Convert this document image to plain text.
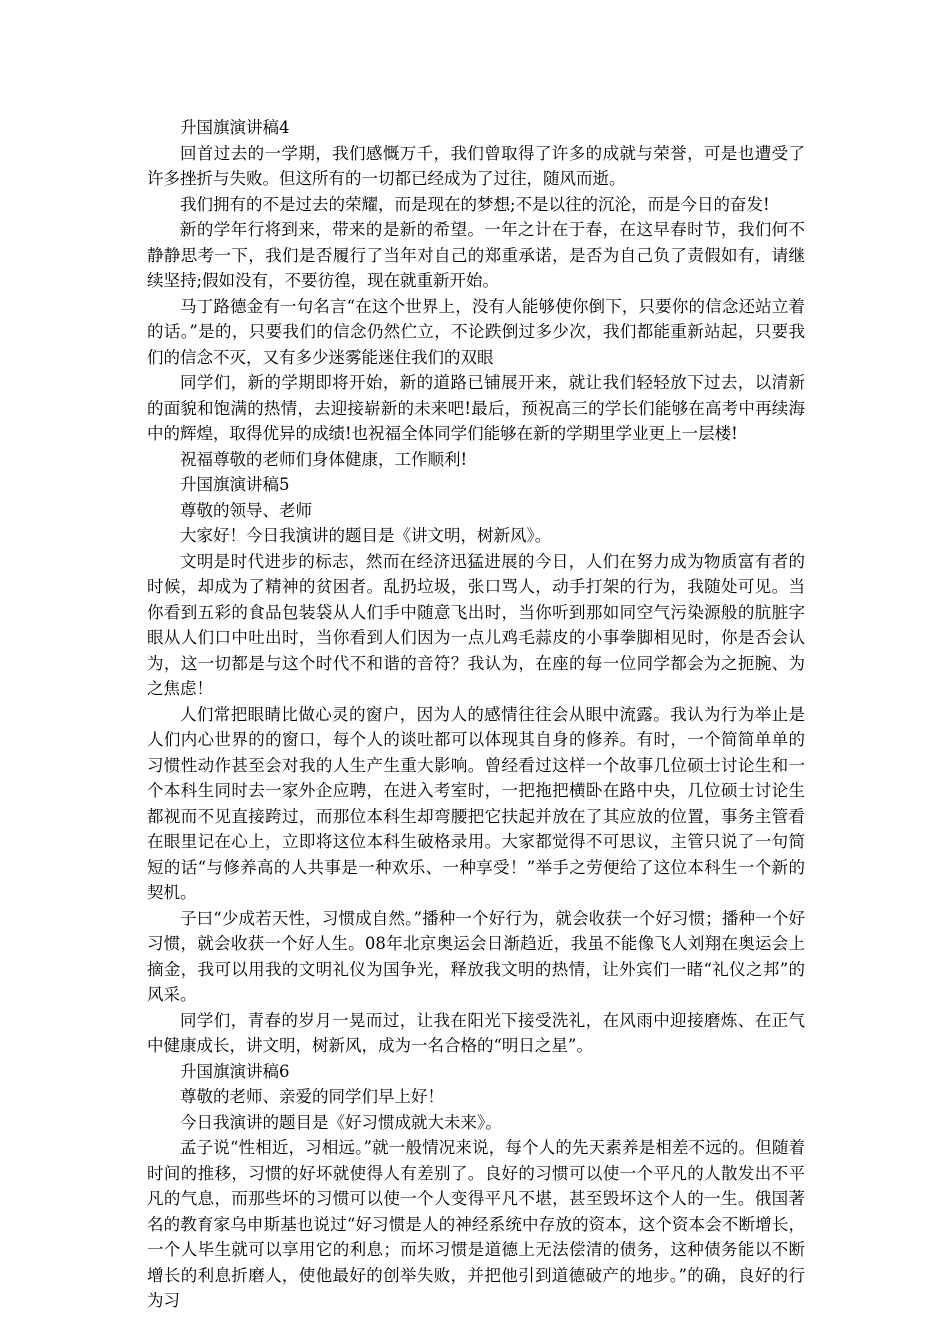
升国旗演讲稿4

回首过去的一学期，我们感慨万千，我们曾取得了许多的成就与荣誉，可是也遭受了许多挫折与失败。但这所有的一切都已经成为了过往，随风而逝。

我们拥有的不是过去的荣耀，而是现在的梦想;不是以往的沉沦，而是今日的奋发!

新的学年行将到来，带来的是新的希望。一年之计在于春，在这早春时节，我们何不静静思考一下，我们是否履行了当年对自己的郑重承诺，是否为自己负了责假如有，请继续坚持;假如没有，不要彷徨，现在就重新开始。

马丁路德金有一句名言“在这个世界上，没有人能够使你倒下，只要你的信念还站立着的话。”是的，只要我们的信念仍然伫立，不论跌倒过多少次，我们都能重新站起，只要我们的信念不灭，又有多少迷雾能迷住我们的双眼

同学们，新的学期即将开始，新的道路已铺展开来，就让我们轻轻放下过去，以清新的面貌和饱满的热情，去迎接崭新的未来吧!最后，预祝高三的学长们能够在高考中再续海中的辉煌，取得优异的成绩!也祝福全体同学们能够在新的学期里学业更上一层楼!

祝福尊敬的老师们身体健康，工作顺利!

升国旗演讲稿5

尊敬的领导、老师

大家好！今日我演讲的题目是《讲文明，树新风》。

文明是时代进步的标志，然而在经济迅猛进展的今日，人们在努力成为物质富有者的时候，却成为了精神的贫困者。乱扔垃圾，张口骂人，动手打架的行为，我随处可见。当你看到五彩的食品包装袋从人们手中随意飞出时，当你听到那如同空气污染源般的肮脏字眼从人们口中吐出时，当你看到人们因为一点儿鸡毛蒜皮的小事拳脚相见时，你是否会认为，这一切都是与这个时代不和谐的音符？我认为，在座的每一位同学都会为之扼腕、为之焦虑！

人们常把眼睛比做心灵的窗户，因为人的感情往往会从眼中流露。我认为行为举止是人们内心世界的的窗口，每个人的谈吐都可以体现其自身的修养。有时，一个简简单单的习惯性动作甚至会对我的人生产生重大影响。曾经看过这样一个故事几位硕士讨论生和一个本科生同时去一家外企应聘，在进入考室时，一把拖把横卧在路中央，几位硕士讨论生都视而不见直接跨过，而那位本科生却弯腰把它扶起并放在了其应放的位置，事务主管看在眼里记在心上，立即将这位本科生破格录用。大家都觉得不可思议，主管只说了一句简短的话“与修养高的人共事是一种欢乐、一种享受！”举手之劳便给了这位本科生一个新的契机。

子曰“少成若天性，习惯成自然。”播种一个好行为，就会收获一个好习惯；播种一个好习惯，就会收获一个好人生。08年北京奥运会日渐趋近，我虽不能像飞人刘翔在奥运会上摘金，我可以用我的文明礼仪为国争光，释放我文明的热情，让外宾们一睹“礼仪之邦”的风采。

同学们，青春的岁月一晃而过，让我在阳光下接受洗礼，在风雨中迎接磨炼、在正气中健康成长，讲文明，树新风，成为一名合格的“明日之星”。

升国旗演讲稿6

尊敬的老师、亲爱的同学们早上好！

今日我演讲的题目是《好习惯成就大未来》。

孟子说“性相近，习相远。”就一般情况来说，每个人的先天素养是相差不远的。但随着时间的推移，习惯的好坏就使得人有差别了。良好的习惯可以使一个平凡的人散发出不平凡的气息，而那些坏的习惯可以使一个人变得平凡不堪，甚至毁坏这个人的一生。俄国著名的教育家乌申斯基也说过“好习惯是人的神经系统中存放的资本，这个资本会不断增长，一个人毕生就可以享用它的利息；而坏习惯是道德上无法偿清的债务，这种债务能以不断增长的利息折磨人，使他最好的创举失败，并把他引到道德破产的地步。”的确，良好的行为习
